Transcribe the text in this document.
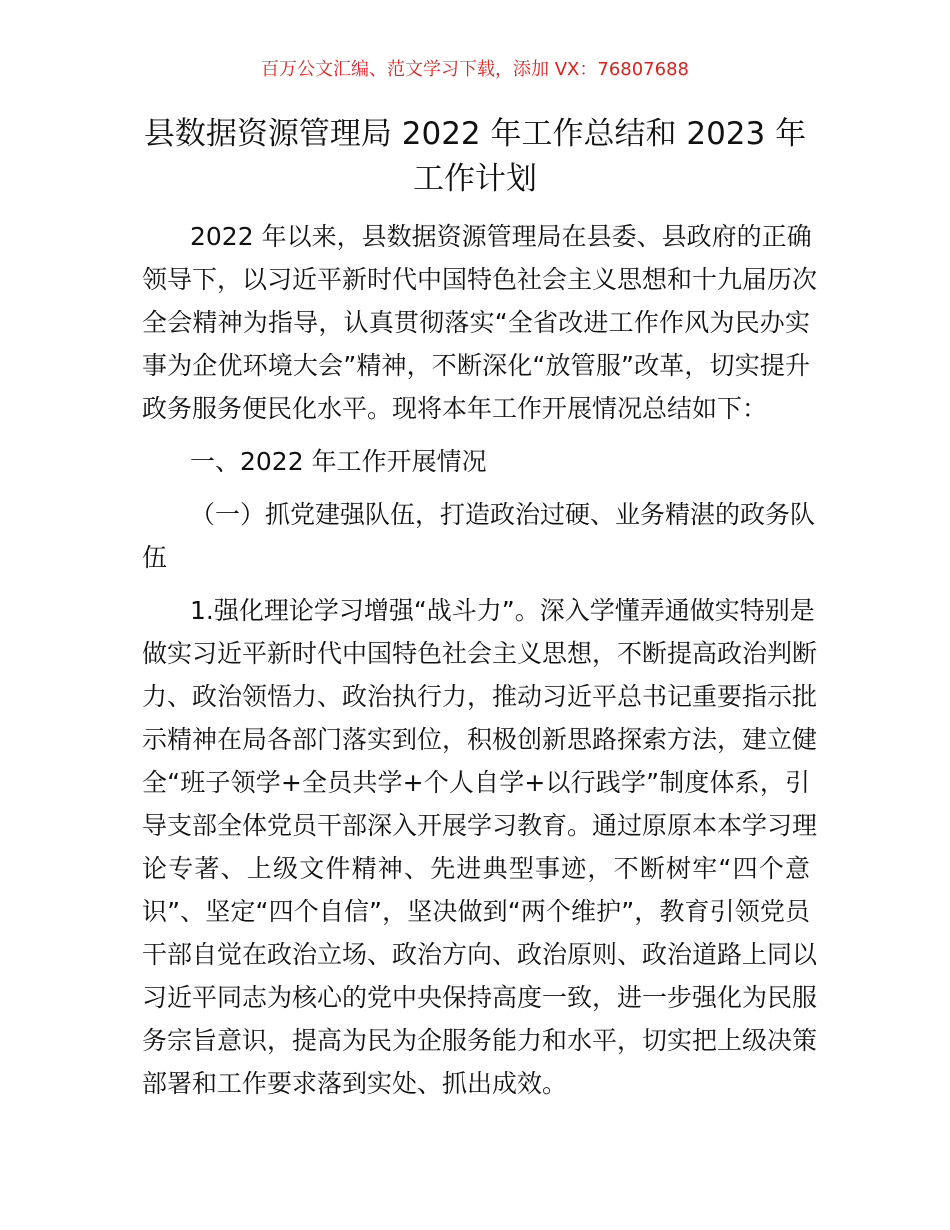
百万公文汇编、范文学习下载，添加 VX：76807688
县数据资源管理局 2022 年工作总结和 2023 年
工作计划
2022 年以来，县数据资源管理局在县委、县政府的正确
领导下，以习近平新时代中国特色社会主义思想和十九届历次
全会精神为指导，认真贯彻落实“全省改进工作作风为民办实
事为企优环境大会”精神，不断深化“放管服”改革，切实提升
政务服务便民化水平。现将本年工作开展情况总结如下：
一、2022 年工作开展情况
（一）抓党建强队伍，打造政治过硬、业务精湛的政务队
伍
1.强化理论学习增强“战斗力”。深入学懂弄通做实特别是
做实习近平新时代中国特色社会主义思想，不断提高政治判断
力、政治领悟力、政治执行力，推动习近平总书记重要指示批
示精神在局各部门落实到位，积极创新思路探索方法，建立健
全“班子领学+全员共学+个人自学+以行践学”制度体系，引
导支部全体党员干部深入开展学习教育。通过原原本本学习理
论专著、上级文件精神、先进典型事迹，不断树牢“四个意
识”、坚定“四个自信”，坚决做到“两个维护”，教育引领党员
干部自觉在政治立场、政治方向、政治原则、政治道路上同以
习近平同志为核心的党中央保持高度一致，进一步强化为民服
务宗旨意识，提高为民为企服务能力和水平，切实把上级决策
部署和工作要求落到实处、抓出成效。
